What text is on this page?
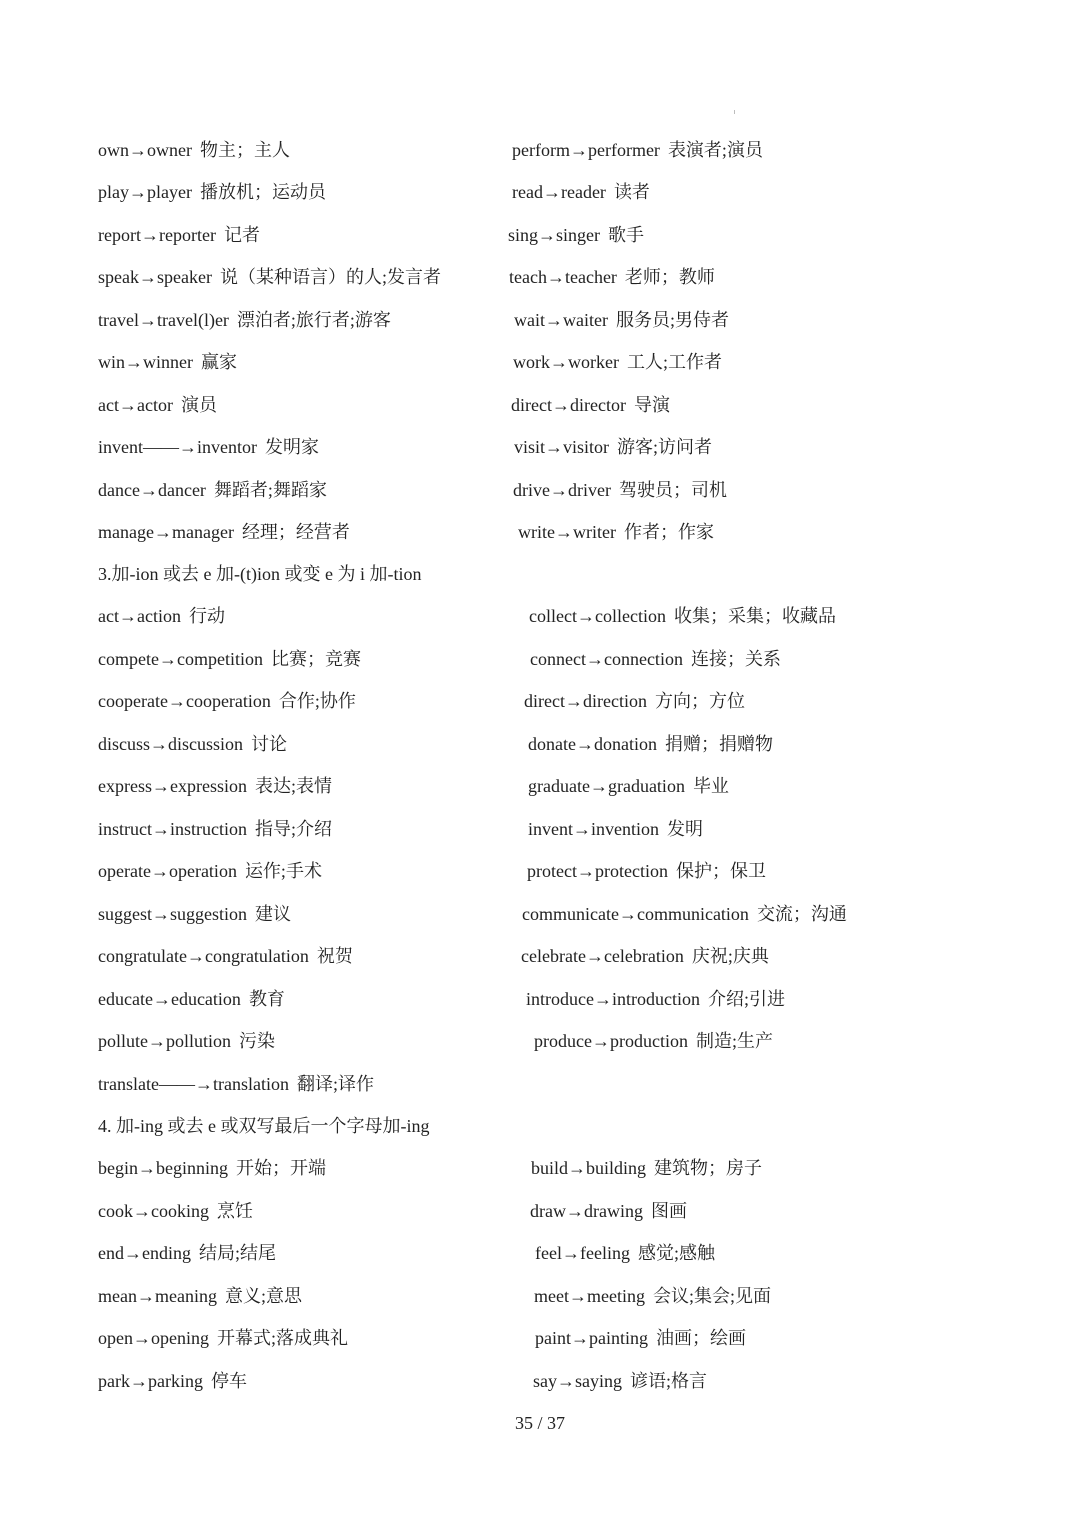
own→owner 物主；主人	perform→performer 表演者;演员
play→player 播放机；运动员	read→reader 读者
report→reporter 记者	sing→singer 歌手
speak→speaker 说（某种语言）的人;发言者	teach→teacher 老师；教师
travel→travel(l)er 漂泊者;旅行者;游客	wait→waiter 服务员;男侍者
win→winner 赢家	work→worker 工人;工作者
act→actor 演员	direct→director 导演
invent——→inventor 发明家	visit→visitor 游客;访问者
dance→dancer 舞蹈者;舞蹈家	drive→driver 驾驶员；司机
manage→manager 经理；经营者	write→writer 作者；作家
3.加-ion 或去 e 加-(t)ion 或变 e 为 i 加-tion
act→action 行动	collect→collection 收集；采集；收藏品
compete→competition 比赛；竞赛	connect→connection 连接；关系
cooperate→cooperation 合作;协作	direct→direction 方向；方位
discuss→discussion 讨论	donate→donation 捐赠；捐赠物
express→expression 表达;表情	graduate→graduation 毕业
instruct→instruction 指导;介绍	invent→invention 发明
operate→operation 运作;手术	protect→protection 保护；保卫
suggest→suggestion 建议	communicate→communication 交流；沟通
congratulate→congratulation 祝贺	celebrate→celebration 庆祝;庆典
educate→education 教育	introduce→introduction 介绍;引进
pollute→pollution 污染	produce→production 制造;生产
translate——→translation 翻译;译作
4. 加-ing 或去 e 或双写最后一个字母加-ing
begin→beginning 开始；开端	build→building 建筑物；房子
cook→cooking 烹饪	draw→drawing 图画
end→ending 结局;结尾	feel→feeling 感觉;感触
mean→meaning 意义;意思	meet→meeting 会议;集会;见面
open→opening 开幕式;落成典礼	paint→painting 油画；绘画
park→parking 停车	say→saying 谚语;格言
35 / 37
